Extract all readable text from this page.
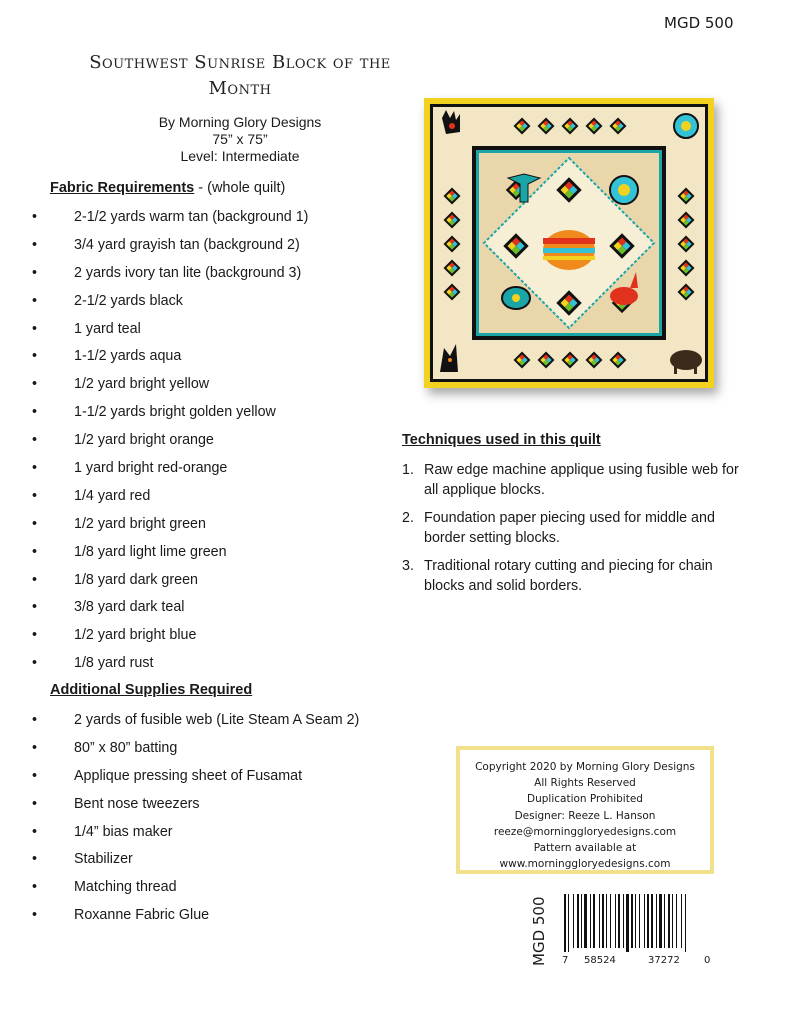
MGD 500
Southwest Sunrise Block of the
Month
By Morning Glory Designs
75” x 75”
Level: Intermediate
Fabric Requirements - (whole quilt)
•	2-1/2 yards warm tan (background 1)
•	3/4 yard grayish tan (background 2)
•	2 yards ivory tan lite (background 3)
•	2-1/2 yards black
•	1 yard teal
•	1-1/2 yards aqua
•	1/2 yard bright yellow
•	1-1/2 yards bright golden yellow
•	1/2 yard bright orange
•	1 yard bright red-orange
•	1/4 yard red
•	1/2 yard bright green
•	1/8 yard light lime green
•	1/8 yard dark green
•	3/8 yard dark teal
•	1/2 yard bright blue
•	1/8 yard rust
Additional Supplies Required
•	2 yards of fusible web (Lite Steam A Seam 2)
•	80” x 80” batting
•	Applique pressing sheet of Fusamat
•	Bent nose tweezers
•	1/4” bias maker
•	Stabilizer
•	Matching thread
•	Roxanne Fabric Glue
Techniques used in this quilt
1. Raw edge machine applique using fusible web for all applique blocks.
2. Foundation paper piecing used for middle and border setting blocks.
3. Traditional rotary cutting and piecing for chain blocks and solid borders.
Copyright 2020 by Morning Glory Designs
All Rights Reserved
Duplication Prohibited
Designer: Reeze L. Hanson
reeze@morninggloryedesigns.com
Pattern available at
www.morninggloryedesigns.com
MGD 500 7 58524	37272 0
